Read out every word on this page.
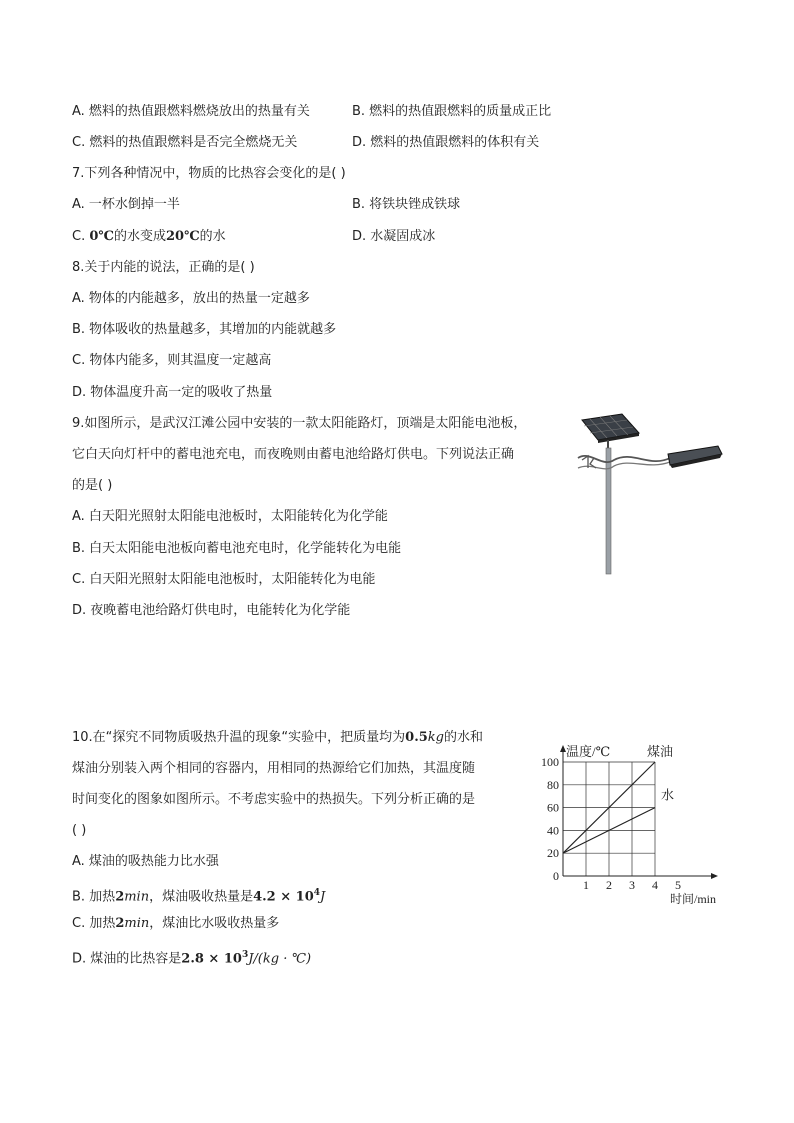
A. 燃料的热值跟燃料燃烧放出的热量有关	B. 燃料的热值跟燃料的质量成正比
C. 燃料的热值跟燃料是否完全燃烧无关	D. 燃料的热值跟燃料的体积有关
7.下列各种情况中，物质的比热容会变化的是( )
A. 一杯水倒掉一半	B. 将铁块锉成铁球
C. 0℃的水变成20℃的水	D. 水凝固成冰
8.关于内能的说法，正确的是( )
A. 物体的内能越多，放出的热量一定越多
B. 物体吸收的热量越多，其增加的内能就越多
C. 物体内能多，则其温度一定越高
D. 物体温度升高一定的吸收了热量
9.如图所示，是武汉江滩公园中安装的一款太阳能路灯，顶端是太阳能电池板，
它白天向灯杆中的蓄电池充电，而夜晚则由蓄电池给路灯供电。下列说法正确
的是( )
A. 白天阳光照射太阳能电池板时，太阳能转化为化学能
B. 白天太阳能电池板向蓄电池充电时，化学能转化为电能
C. 白天阳光照射太阳能电池板时，太阳能转化为电能
D. 夜晚蓄电池给路灯供电时，电能转化为化学能
10.在“探究不同物质吸热升温的现象“实验中，把质量均为0.5kg的水和
煤油分别装入两个相同的容器内，用相同的热源给它们加热，其温度随
时间变化的图象如图所示。不考虑实验中的热损失。下列分析正确的是
( )
A. 煤油的吸热能力比水强
B. 加热2min，煤油吸收热量是$4.2 \times 10^4J$
C. 加热2min，煤油比水吸收热量多
D. 煤油的比热容是$2.8 \times 10^3J/(kg$ · ℃)
0
20
40
60
80
100
1 2 3 4 5
温度/℃
时间/min
煤油
水
